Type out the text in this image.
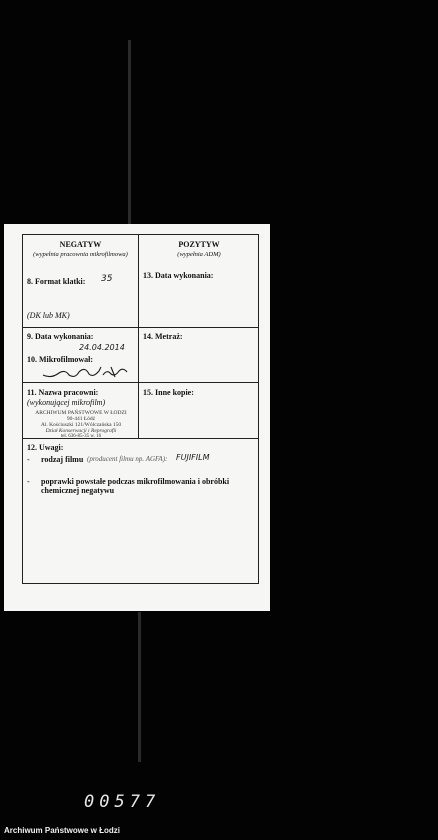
NEGATYW
(wypełnia pracownia mikrofilmowa)
POZYTYW
(wypełnia ADM)
8. Format klatki: 35
(DK lub MK)
13. Data wykonania:
9. Data wykonania:
24.04.2014
10. Mikrofilmował:
14. Metraż:
11. Nazwa pracowni:
(wykonującej mikrofilm)
ARCHIWUM PAŃSTWOWE W ŁODZI
90-441 Łódź
Al. Kościuszki 121/Wólczańska 150
Dział Konserwacji i Reprografii
tel. 636-85-35 w. 16
15. Inne kopie:
12. Uwagi:
- rodzaj filmu (producent filmu np. AGFA): FUJIFILM
- poprawki powstałe podczas mikrofilmowania i obróbki
chemicznej negatywu
00577
Archiwum Państwowe w Łodzi
